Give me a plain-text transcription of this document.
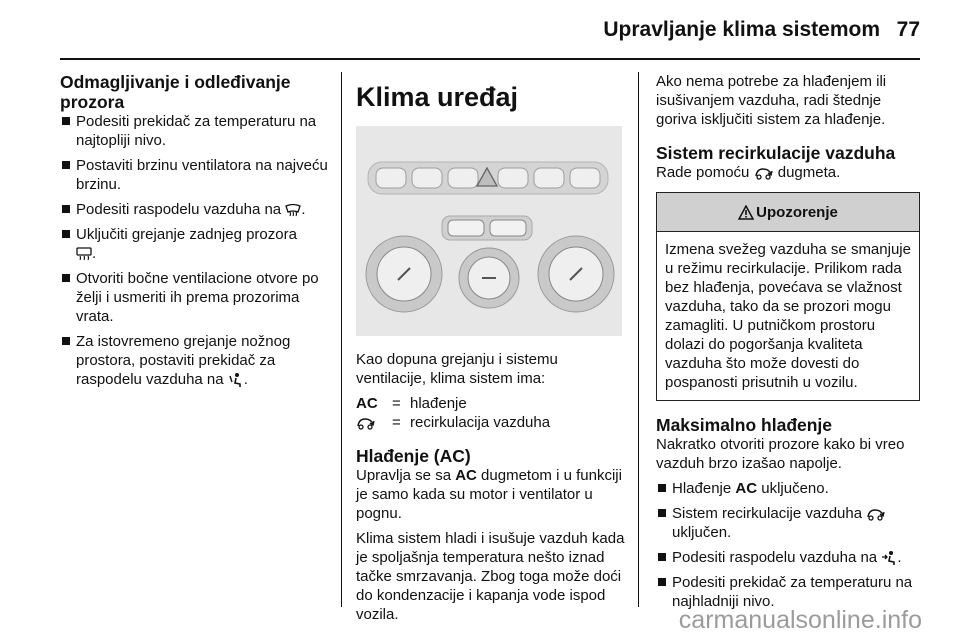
Upravljanje klima sistemom 77
Odmagljivanje i odleđivanje prozora
Podesiti prekidač za temperaturu na najtopliji nivo.
Postaviti brzinu ventilatora na najveću brzinu.
Podesiti raspodelu vazduha na .
Uključiti grejanje zadnjeg prozora

.
Otvoriti bočne ventilacione otvore po želji i usmeriti ih prema prozorima vrata.
Za istovremeno grejanje nožnog prostora, postaviti prekidač za raspodelu vazduha na .
Klima uređaj

Kao dopuna grejanju i sistemu ventilacije, klima sistem ima:

AC = hlađenje
= recirkulacija vazduha
Hlađenje (AC)

Upravlja se sa AC dugmetom i u funkciji je samo kada su motor i ventilator u pognu.

Klima sistem hladi i isušuje vazduh kada je spoljašnja temperatura nešto iznad tačke smrzavanja. Zbog toga može doći do kondenzacije i kapanja vode ispod vozila.

Ako nema potrebe za hlađenjem ili isušivanjem vazduha, radi štednje goriva isključiti sistem za hlađenje.

Sistem recirkulacije vazduha

Rade pomoću dugmeta.

Upozorenje
Izmena svežeg vazduha se smanjuje u režimu recirkulacije. Prilikom rada bez hlađenja, povećava se vlažnost vazduha, tako da se prozori mogu zamagliti. U putničkom prostoru dolazi do pogoršanja kvaliteta vazduha što može dovesti do pospanosti prisutnih u vozilu.
Maksimalno hlađenje

Nakratko otvoriti prozore kako bi vreo vazduh brzo izašao napolje.

Hlađenje AC uključeno.
Sistem recirkulacije vazduha

uključen.
Podesiti raspodelu vazduha na .
Podesiti prekidač za temperaturu na najhladniji nivo.
carmanualsonline.info
